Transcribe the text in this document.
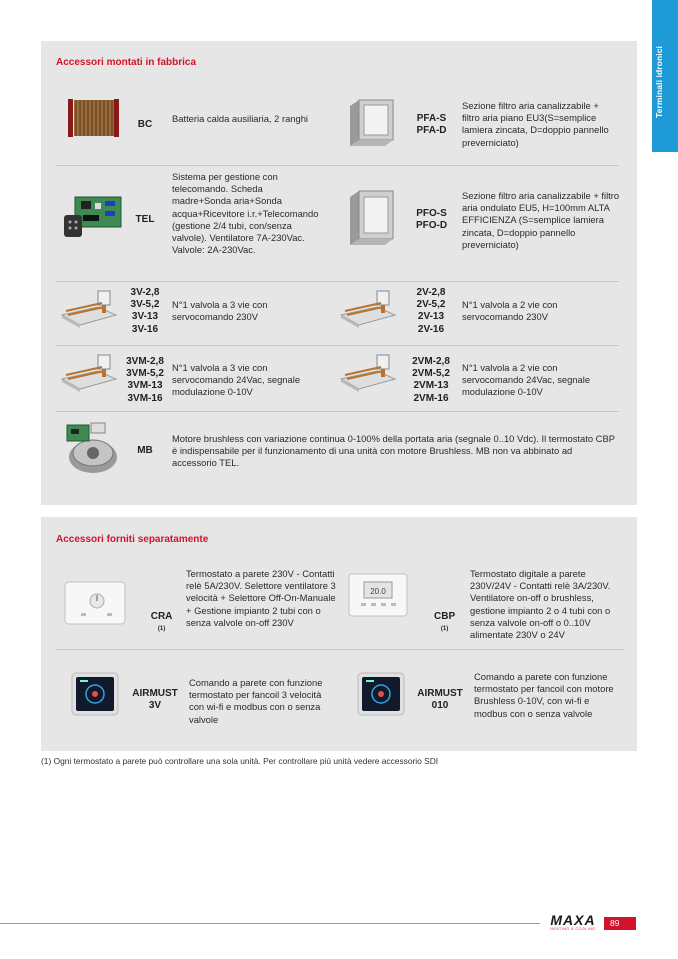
Terminali idronici
Accessori montati in fabbrica
BC
Batteria calda ausiliaria, 2 ranghi	PFA-S
PFA-D
Sezione filtro aria canalizzabile + filtro aria piano EU3(S=semplice lamiera zincata, D=doppio pannello preverniciato)
TEL
Sistema per gestione con telecomando. Scheda madre+Sonda aria+Sonda acqua+Ricevitore i.r.+Telecomando (gestione 2/4 tubi, con/senza valvole). Ventilatore 7A-230Vac. Valvole: 2A-230Vac.
PFO-S
PFO-D
Sezione filtro aria canalizzabile + filtro aria ondulato EU5, H=100mm ALTA EFFICIENZA (S=semplice lamiera zincata, D=doppio pannello preverniciato)
3V-2,8
3V-5,2
3V-13
3V-16
N°1 valvola a 3 vie con servocomando 230V
2V-2,8
2V-5,2
2V-13
2V-16
N°1 valvola a 2 vie con servocomando 230V
3VM-2,8
3VM-5,2
3VM-13
3VM-16
N°1 valvola a 3 vie con servocomando 24Vac, segnale modulazione 0-10V
2VM-2,8
2VM-5,2
2VM-13
2VM-16
N°1 valvola a 2 vie con servocomando 24Vac, segnale modulazione 0-10V
MB
Motore brushless con variazione continua 0-100% della portata aria (segnale 0..10 Vdc). Il termostato CBP è indispensabile per il funzionamento di una unità con motore Brushless. MB non va abbinato ad accessorio TEL.
Accessori forniti separatamente

CRA
$^{(1)}$

Termostato a parete 230V - Contatti relè 5A/230V. Selettore ventilatore 3 velocità + Selettore Off-On-Manuale + Gestione impianto 2 tubi con o senza valvole on-off 230V
20.0

CBP
$^{(1)}$

Termostato digitale a parete 230V/24V - Contatti relè 3A/230V. Ventilatore on-off o brushless, gestione impianto 2 o 4 tubi con o senza valvole on-off o 0..10V alimentate 230V o 24V
AIRMUST
3V
Comando a parete con funzione termostato per fancoil 3 velocità con wi-fi e modbus con o senza valvole
AIRMUST
010
Comando a parete con funzione termostato per fancoil con motore Brushless 0-10V, con wi-fi e modbus con o senza valvole
(1) Ogni termostato a parete può controllare una sola unità. Per controllare più unità vedere accessorio SDI
MAXA
HEATING & COOLING
89
